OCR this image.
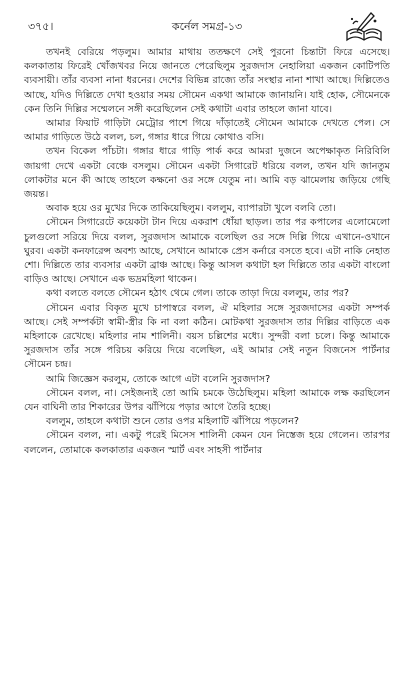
৩৭৫।	কর্নেল সমগ্র-১৩

তখনই বেরিয়ে পড়লুম। আমার মাথায় ততক্ষণে সেই পুরনো চিন্তাটা ফিরে এসেছে। কলকাতায় ফিরেই খোঁজখবর নিয়ে জানতে পেরেছিলুম সুরজদাস নেহালিয়া একজন কোটিপতি ব্যবসায়ী। তাঁর ব্যবসা নানা ধরনের। দেশের বিভিন্ন রাজ্যে তাঁর সংস্থার নানা শাখা আছে। দিল্লিতেও আছে, যদিও দিল্লিতে দেখা হওয়ার সময় সৌমেন একথা আমাকে জানায়নি। যাই হোক, সৌমেনকে কেন তিনি দিল্লির সম্মেলনে সঙ্গী করেছিলেন সেই কথাটা এবার তাহলে জানা যাবে।

আমার ফিয়াট গাড়িটা মেট্রোর পাশে গিয়ে দাঁড়াতেই সৌমেন আমাকে দেখতে পেল। সে আমার গাড়িতে উঠে বলল, চল, গঙ্গার ধারে গিয়ে কোথাও বসি।

তখন বিকেল পাঁচটা। গঙ্গার ধারে গাড়ি পার্ক করে আমরা দুজনে অপেক্ষাকৃত নিরিবিলি জায়গা দেখে একটা বেঞ্চে বসলুম। সৌমেন একটা সিগারেট ধরিয়ে বলল, তখন যদি জানতুম লোকটার মনে কী আছে তাহলে কক্ষনো ওর সঙ্গে যেতুম না। আমি বড় ঝামেলায় জড়িয়ে গেছি জয়ন্ত।

অবাক হয়ে ওর মুখের দিকে তাকিয়েছিলুম। বললুম, ব্যাপারটা খুলে বলবি তো।

সৌমেন সিগারেটে কয়েকটা টান দিয়ে একরাশ ধোঁয়া ছাড়ল। তার পর কপালের এলোমেলো চুলগুলো সরিয়ে দিয়ে বলল, সুরজদাস আমাকে বলেছিল ওর সঙ্গে দিল্লি গিয়ে এখানে-ওখানে ঘুরব। একটা কনফারেন্স অবশ্য আছে, সেখানে আমাকে প্রেস কর্নারে বসতে হবে। এটা নাকি নেহাত শো। দিল্লিতে তার ব্যবসার একটা ব্রাঞ্চ আছে। কিন্তু আসল কথাটা হল দিল্লিতে তার একটা বাংলো বাড়িও আছে। সেখানে এক ভদ্রমহিলা থাকেন।

কথা বলতে বলতে সৌমেন হঠাৎ থেমে গেল। তাকে তাড়া দিয়ে বললুম, তার পর?

সৌমেন এবার বিকৃত মুখে চাপাস্বরে বলল, ঐ মহিলার সঙ্গে সুরজদাসের একটা সম্পর্ক আছে। সেই সম্পর্কটা স্বামী-স্ত্রীর কি না বলা কঠিন। মোটকথা সুরজদাস তার দিল্লির বাড়িতে এক মহিলাকে রেখেছে। মহিলার নাম শালিনী। বয়স চল্লিশের মধ্যে। সুন্দরী বলা চলে। কিন্তু আমাকে সুরজদাস তাঁর সঙ্গে পরিচয় করিয়ে দিয়ে বলেছিল, এই আমার সেই নতুন বিজনেস পার্টনার সৌমেন চন্দ্র।

আমি জিজ্ঞেস করলুম, তোকে আগে এটা বলেনি সুরজদাস?

সৌমেন বলল, না। সেইজন্যই তো আমি চমকে উঠেছিলুম। মহিলা আমাকে লক্ষ করছিলেন যেন বাঘিনী তার শিকারের উপর ঝাঁপিয়ে পড়ার আগে তৈরি হচ্ছে।

বললুম, তাহলে কথাটা শুনে তোর ওপর মহিলাটি ঝাঁপিয়ে পড়লেন?

সৌমেন বলল, না। একটু পরেই মিসেস শালিনী কেমন যেন নিস্তেজ হয়ে গেলেন। তারপর বললেন, তোমাকে কলকাতার একজন স্মার্ট এবং সাহসী পার্টনার
